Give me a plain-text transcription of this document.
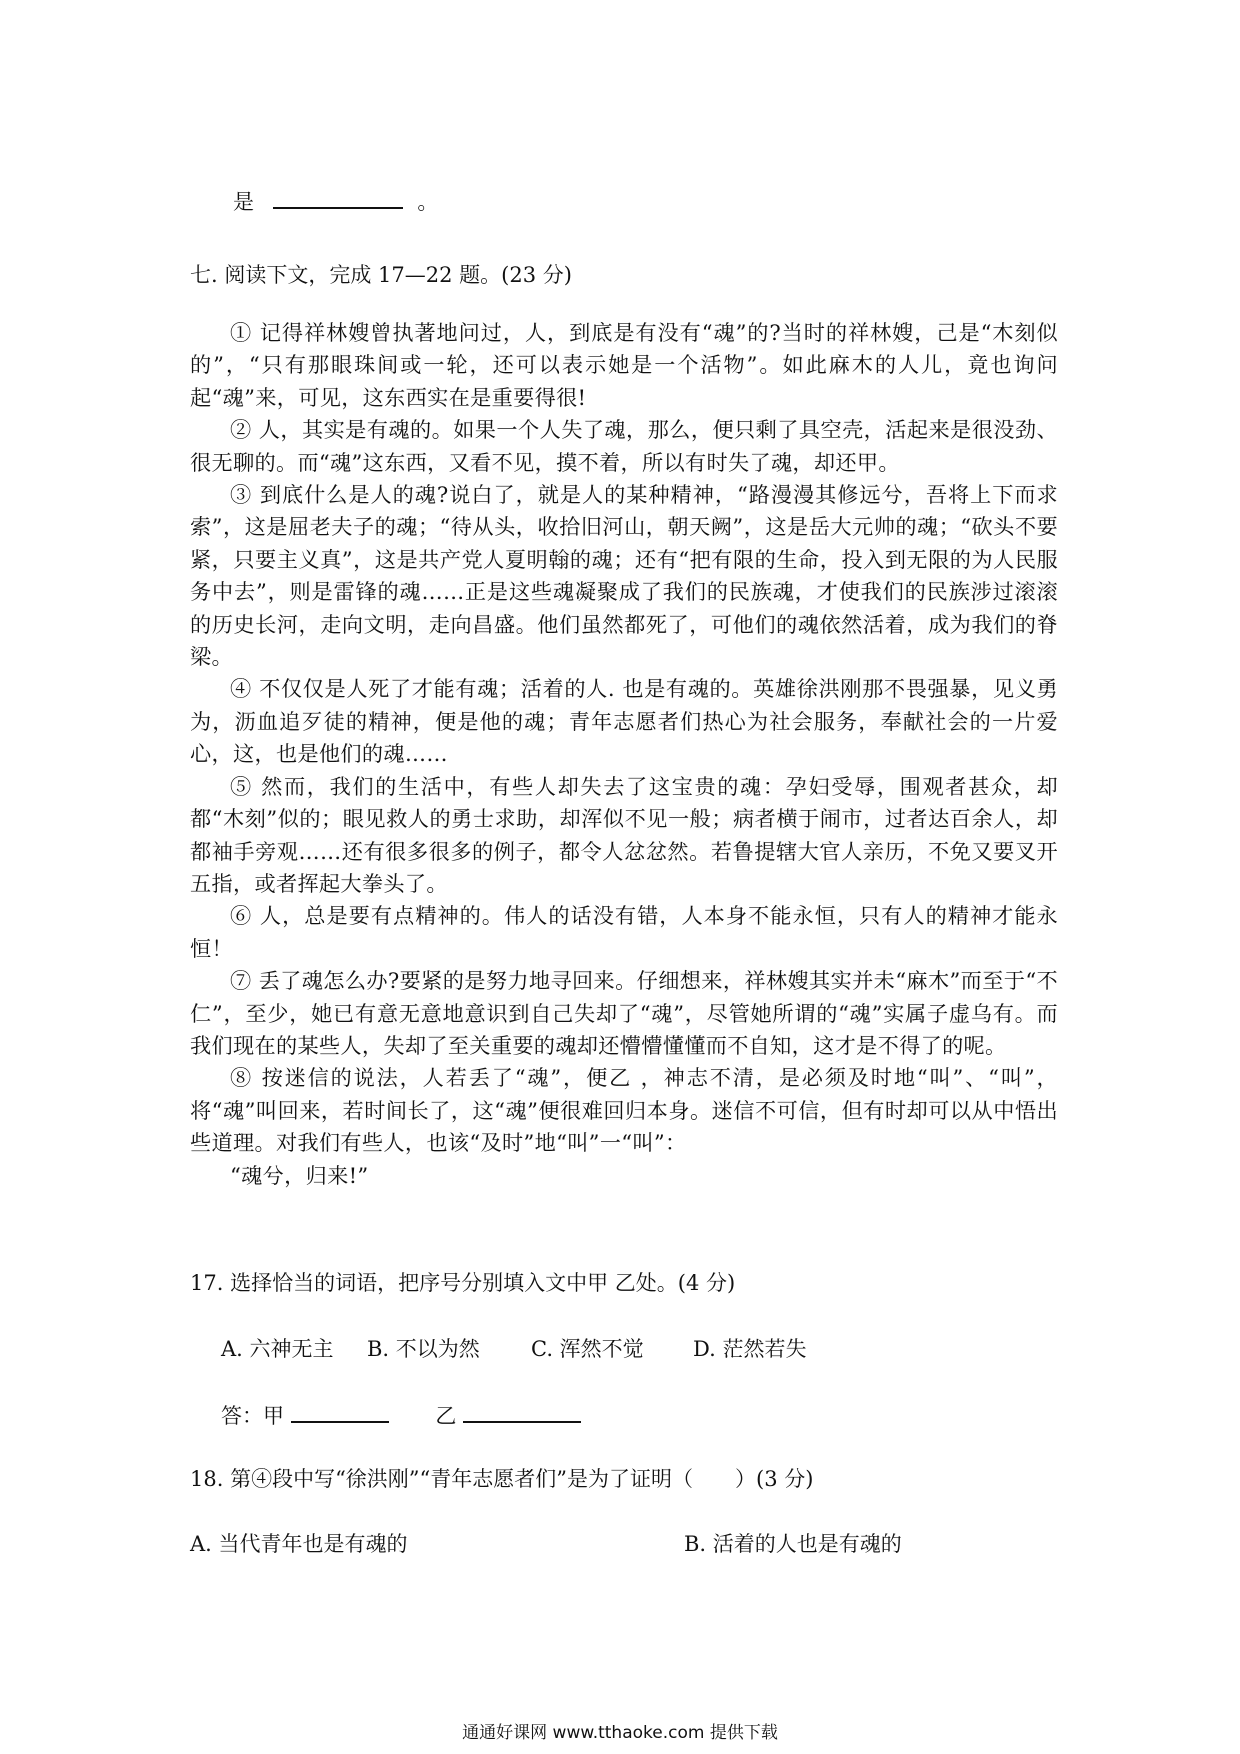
是	。
七. 阅读下文，完成 17—22 题。(23 分)

① 记得祥林嫂曾执著地问过，人，到底是有没有“魂”的?当时的祥林嫂，己是“木刻似的”，“只有那眼珠间或一轮，还可以表示她是一个活物”。如此麻木的人儿，竟也询问起“魂”来，可见，这东西实在是重要得很!

② 人，其实是有魂的。如果一个人失了魂，那么，便只剩了具空壳，活起来是很没劲、很无聊的。而“魂”这东西，又看不见，摸不着，所以有时失了魂，却还甲。

③ 到底什么是人的魂?说白了，就是人的某种精神，“路漫漫其修远兮，吾将上下而求索”，这是屈老夫子的魂；“待从头，收拾旧河山，朝天阙”，这是岳大元帅的魂；“砍头不要紧，只要主义真”，这是共产党人夏明翰的魂；还有“把有限的生命，投入到无限的为人民服务中去”，则是雷锋的魂……正是这些魂凝聚成了我们的民族魂，才使我们的民族涉过滚滚的历史长河，走向文明，走向昌盛。他们虽然都死了，可他们的魂依然活着，成为我们的脊梁。

④ 不仅仅是人死了才能有魂；活着的人. 也是有魂的。英雄徐洪刚那不畏强暴，见义勇为，沥血追歹徒的精神，便是他的魂；青年志愿者们热心为社会服务，奉献社会的一片爱心，这，也是他们的魂……

⑤ 然而，我们的生活中，有些人却失去了这宝贵的魂：孕妇受辱，围观者甚众，却都“木刻”似的；眼见救人的勇士求助，却浑似不见一般；病者横于闹市，过者达百余人，却都袖手旁观……还有很多很多的例子，都令人忿忿然。若鲁提辖大官人亲历，不免又要叉开五指，或者挥起大拳头了。

⑥ 人，总是要有点精神的。伟人的话没有错，人本身不能永恒，只有人的精神才能永恒！

⑦ 丢了魂怎么办?要紧的是努力地寻回来。仔细想来，祥林嫂其实并未“麻木”而至于“不仁”，至少，她已有意无意地意识到自己失却了“魂”，尽管她所谓的“魂”实属子虚乌有。而我们现在的某些人，失却了至关重要的魂却还懵懵懂懂而不自知，这才是不得了的呢。

⑧ 按迷信的说法，人若丢了“魂”，便乙 ，神志不清，是必须及时地“叫”、“叫”，将“魂”叫回来，若时间长了，这“魂”便很难回归本身。迷信不可信，但有时却可以从中悟出些道理。对我们有些人，也该“及时”地“叫”一“叫”：

“魂兮，归来!”

17. 选择恰当的词语，把序号分别填入文中甲 乙处。(4 分)
A. 六神无主 B. 不以为然 C. 浑然不觉 D. 茫然若失
答：甲	乙
18. 第④段中写“徐洪刚”“青年志愿者们”是为了证明（　　）(3 分)
A. 当代青年也是有魂的	B. 活着的人也是有魂的
通通好课网 www.tthaoke.com 提供下载
